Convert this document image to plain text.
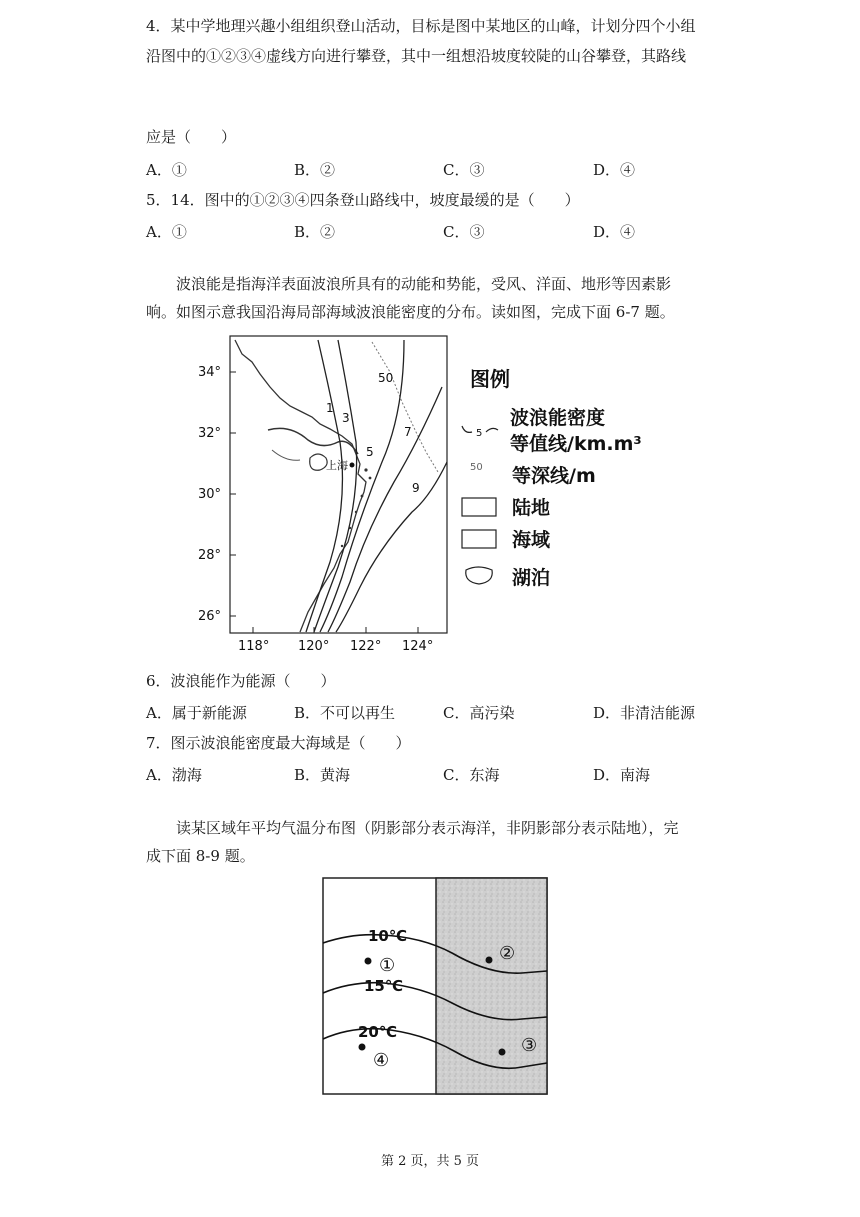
4．某中学地理兴趣小组组织登山活动，目标是图中某地区的山峰，计划分四个小组
沿图中的①②③④虚线方向进行攀登，其中一组想沿坡度较陡的山谷攀登，其路线
应是（　　）
A．①	B．②	C．③	D．④
5．14．图中的①②③④四条登山路线中，坡度最缓的是（　　）
A．①	B．②	C．③	D．④
波浪能是指海洋表面波浪所具有的动能和势能，受风、洋面、地形等因素影
响。如图示意我国沿海局部海域波浪能密度的分布。读如图，完成下面 6-7 题。
1
3
5
7
9
50
上海
34°
32°
30°
28°
26°
118° 120° 122° 124°
图例
5
波浪能密度
等值线/km.m³
50 等深线/m
陆地
海域
湖泊
6．波浪能作为能源（　　）
A．属于新能源	B．不可以再生	C．高污染	D．非清洁能源
7．图示波浪能密度最大海域是（　　）
A．渤海	B．黄海	C．东海	D．南海
读某区域年平均气温分布图（阴影部分表示海洋，非阴影部分表示陆地），完
成下面 8-9 题。
10℃
15℃
20℃
①
②
③
④
第 2 页，共 5 页
